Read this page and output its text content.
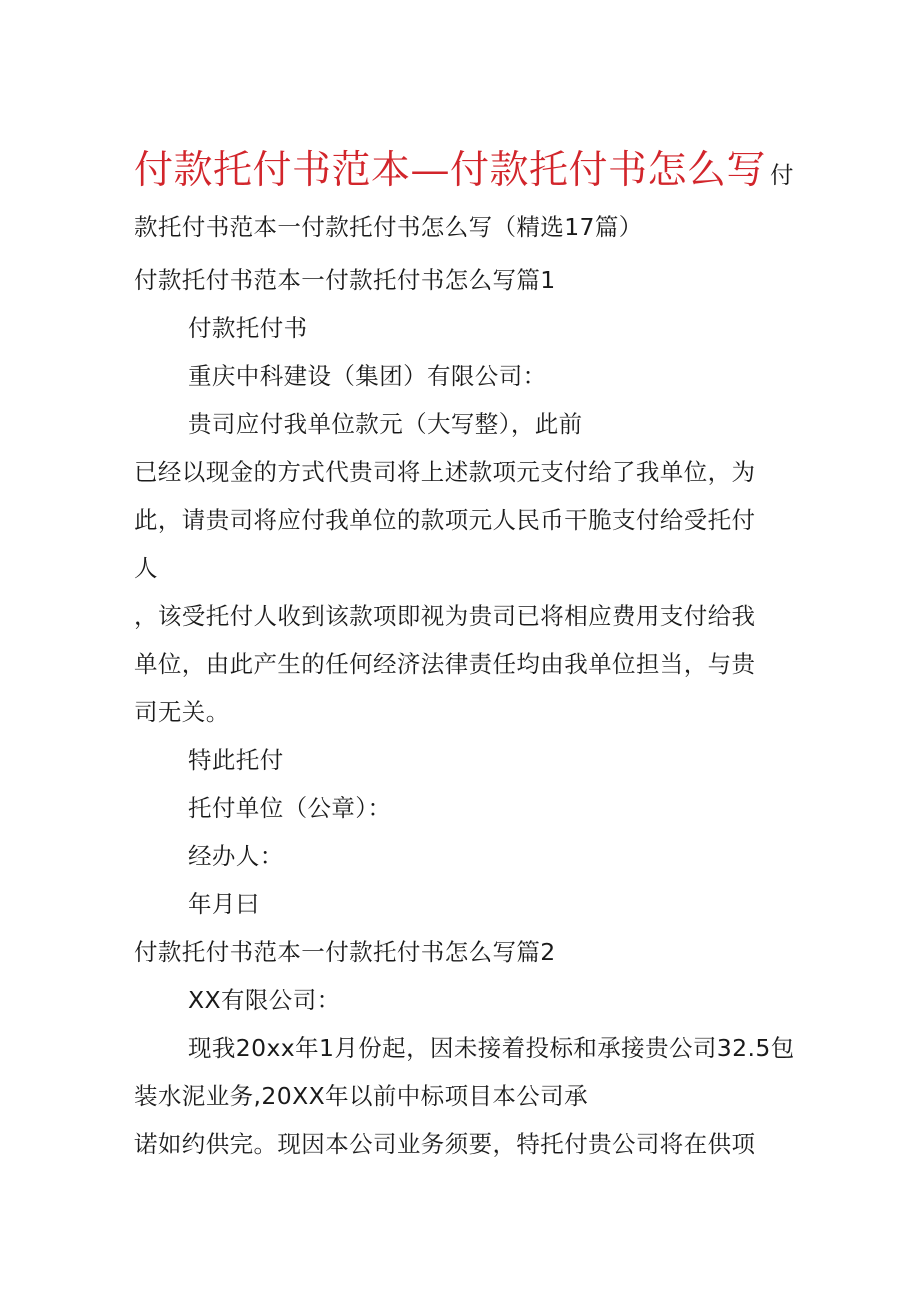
付款托付书范本—付款托付书怎么写 付
款托付书范本一付款托付书怎么写（精选17篇）
付款托付书范本一付款托付书怎么写篇1
付款托付书
重庆中科建设（集团）有限公司：
贵司应付我单位款元（大写整），此前
已经以现金的方式代贵司将上述款项元支付给了我单位，为
此，请贵司将应付我单位的款项元人民币干脆支付给受托付
人
，该受托付人收到该款项即视为贵司已将相应费用支付给我
单位，由此产生的任何经济法律责任均由我单位担当，与贵
司无关。
特此托付
托付单位（公章）：
经办人：
年月曰
付款托付书范本一付款托付书怎么写篇2
XX有限公司：
现我20xx年1月份起，因未接着投标和承接贵公司32.5包
装水泥业务,20XX年以前中标项目本公司承
诺如约供完。现因本公司业务须要，特托付贵公司将在供项
